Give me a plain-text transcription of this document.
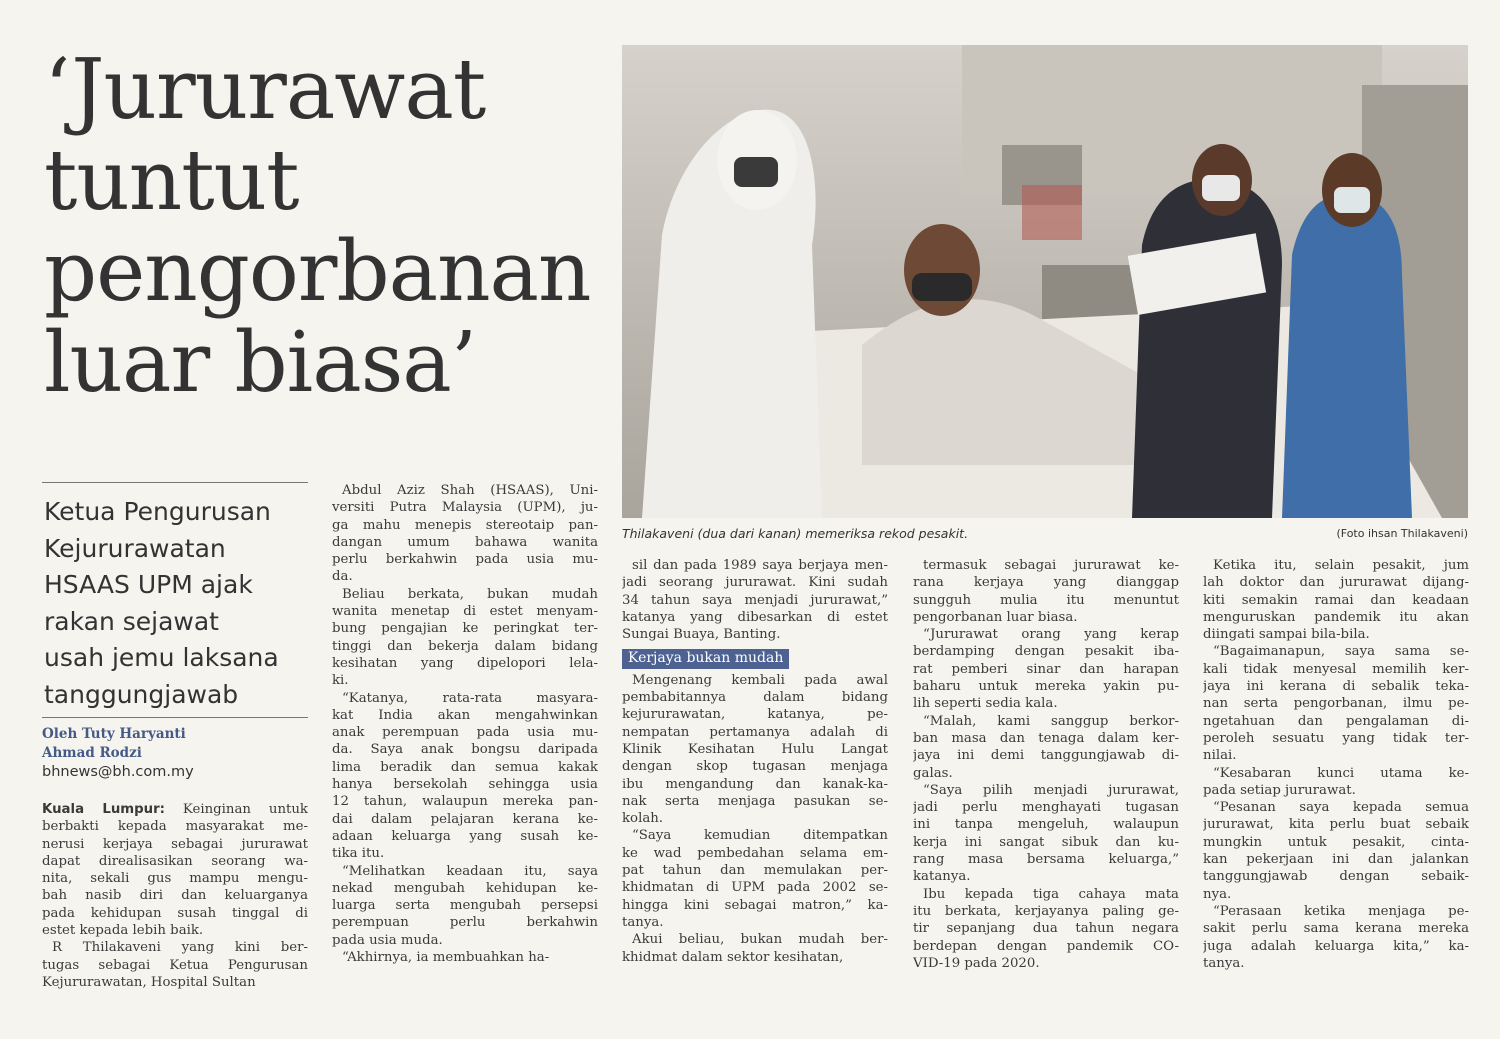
‘Jururawat
tuntut
pengorbanan
luar biasa’
Ketua Pengurusan
Kejururawatan
HSAAS UPM ajak
rakan sejawat
usah jemu laksana
tanggungjawab
Oleh Tuty Haryanti
Ahmad Rodzi
bhnews@bh.com.my

Kuala Lumpur: Keinginan untuk

berbakti kepada masyarakat me-
nerusi kerjaya sebagai jururawat
dapat direalisasikan seorang wa-
nita, sekali gus mampu mengu-
bah nasib diri dan keluarganya
pada kehidupan susah tinggal di
estet kepada lebih baik.

R Thilakaveni yang kini ber-
tugas sebagai Ketua Pengurusan
Kejururawatan, Hospital Sultan

Abdul Aziz Shah (HSAAS), Uni-
versiti Putra Malaysia (UPM), ju-
ga mahu menepis stereotaip pan-
dangan umum bahawa wanita
perlu berkahwin pada usia mu-
da.

Beliau berkata, bukan mudah
wanita menetap di estet menyam-
bung pengajian ke peringkat ter-
tinggi dan bekerja dalam bidang
kesihatan yang dipelopori lela-
ki.

“Katanya, rata-rata masyara-
kat India akan mengahwinkan
anak perempuan pada usia mu-
da. Saya anak bongsu daripada
lima beradik dan semua kakak
hanya bersekolah sehingga usia
12 tahun, walaupun mereka pan-
dai dalam pelajaran kerana ke-
adaan keluarga yang susah ke-
tika itu.

“Melihatkan keadaan itu, saya
nekad mengubah kehidupan ke-
luarga serta mengubah persepsi
perempuan perlu berkahwin
pada usia muda.

“Akhirnya, ia membuahkan ha-

Thilakaveni (dua dari kanan) memeriksa rekod pesakit.	(Foto ihsan Thilakaveni)

sil dan pada 1989 saya berjaya men-
jadi seorang jururawat. Kini sudah
34 tahun saya menjadi jururawat,”
katanya yang dibesarkan di estet
Sungai Buaya, Banting.

Kerjaya bukan mudah

Mengenang kembali pada awal
pembabitannya dalam bidang
kejururawatan, katanya, pe-
nempatan pertamanya adalah di
Klinik Kesihatan Hulu Langat
dengan skop tugasan menjaga
ibu mengandung dan kanak-ka-
nak serta menjaga pasukan se-
kolah.

“Saya kemudian ditempatkan
ke wad pembedahan selama em-
pat tahun dan memulakan per-
khidmatan di UPM pada 2002 se-
hingga kini sebagai matron,” ka-
tanya.

Akui beliau, bukan mudah ber-
khidmat dalam sektor kesihatan,

termasuk sebagai jururawat ke-
rana kerjaya yang dianggap
sungguh mulia itu menuntut
pengorbanan luar biasa.

“Jururawat orang yang kerap
berdamping dengan pesakit iba-
rat pemberi sinar dan harapan
baharu untuk mereka yakin pu-
lih seperti sedia kala.

“Malah, kami sanggup berkor-
ban masa dan tenaga dalam ker-
jaya ini demi tanggungjawab di-
galas.

“Saya pilih menjadi jururawat,
jadi perlu menghayati tugasan
ini tanpa mengeluh, walaupun
kerja ini sangat sibuk dan ku-
rang masa bersama keluarga,”
katanya.

Ibu kepada tiga cahaya mata
itu berkata, kerjayanya paling ge-
tir sepanjang dua tahun negara
berdepan dengan pandemik CO-
VID-19 pada 2020.

Ketika itu, selain pesakit, jum
lah doktor dan jururawat dijang-
kiti semakin ramai dan keadaan
menguruskan pandemik itu akan
diingati sampai bila-bila.

“Bagaimanapun, saya sama se-
kali tidak menyesal memilih ker-
jaya ini kerana di sebalik teka-
nan serta pengorbanan, ilmu pe-
ngetahuan dan pengalaman di-
peroleh sesuatu yang tidak ter-
nilai.

“Kesabaran kunci utama ke-
pada setiap jururawat.

“Pesanan saya kepada semua
jururawat, kita perlu buat sebaik
mungkin untuk pesakit, cinta-
kan pekerjaan ini dan jalankan
tanggungjawab dengan sebaik-
nya.

“Perasaan ketika menjaga pe-
sakit perlu sama kerana mereka
juga adalah keluarga kita,” ka-
tanya.
